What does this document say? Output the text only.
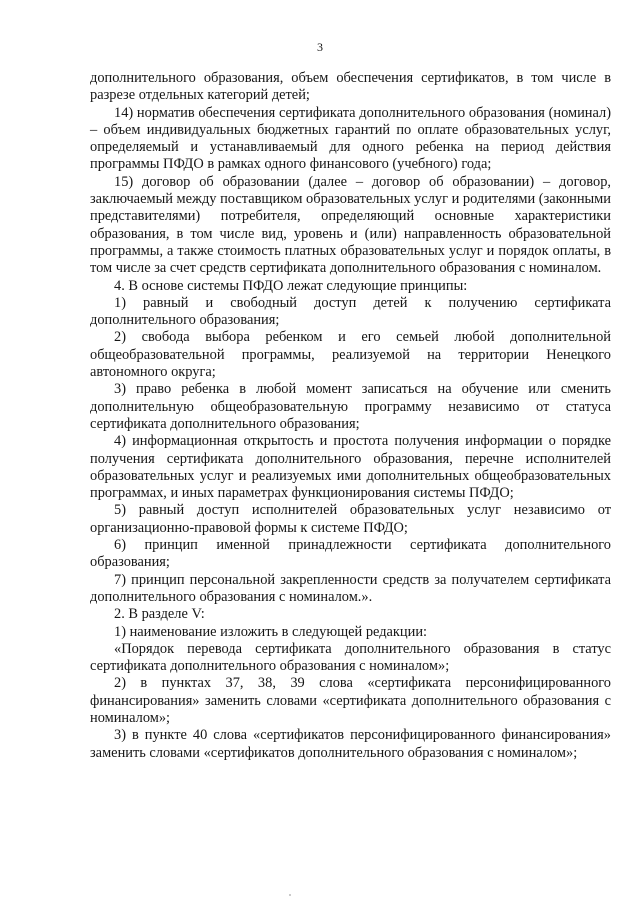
3

дополнительного образования, объем обеспечения сертификатов, в том числе в разрезе отдельных категорий детей;

14) норматив обеспечения сертификата дополнительного образования (номинал) – объем индивидуальных бюджетных гарантий по оплате образовательных услуг, определяемый и устанавливаемый для одного ребенка на период действия программы ПФДО в рамках одного финансового (учебного) года;

15) договор об образовании (далее – договор об образовании) – договор, заключаемый между поставщиком образовательных услуг и родителями (законными представителями) потребителя, определяющий основные характеристики образования, в том числе вид, уровень и (или) направленность образовательной программы, а также стоимость платных образовательных услуг и порядок оплаты, в том числе за счет средств сертификата дополнительного образования с номиналом.

4. В основе системы ПФДО лежат следующие принципы:

1) равный и свободный доступ детей к получению сертификата дополнительного образования;

2) свобода выбора ребенком и его семьей любой дополнительной общеобразовательной программы, реализуемой на территории Ненецкого автономного округа;

3) право ребенка в любой момент записаться на обучение или сменить дополнительную общеобразовательную программу независимо от статуса сертификата дополнительного образования;

4) информационная открытость и простота получения информации о порядке получения сертификата дополнительного образования, перечне исполнителей образовательных услуг и реализуемых ими дополнительных общеобразовательных программах, и иных параметрах функционирования системы ПФДО;

5) равный доступ исполнителей образовательных услуг независимо от организационно-правовой формы к системе ПФДО;

6) принцип именной принадлежности сертификата дополнительного образования;

7) принцип персональной закрепленности средств за получателем сертификата дополнительного образования с номиналом.».

2. В разделе V:

1) наименование изложить в следующей редакции:

«Порядок перевода сертификата дополнительного образования в статус сертификата дополнительного образования с номиналом»;

2) в пунктах 37, 38, 39 слова «сертификата персонифицированного финансирования» заменить словами «сертификата дополнительного образования с номиналом»;

3) в пункте 40 слова «сертификатов персонифицированного финансирования» заменить словами «сертификатов дополнительного образования с номиналом»;
